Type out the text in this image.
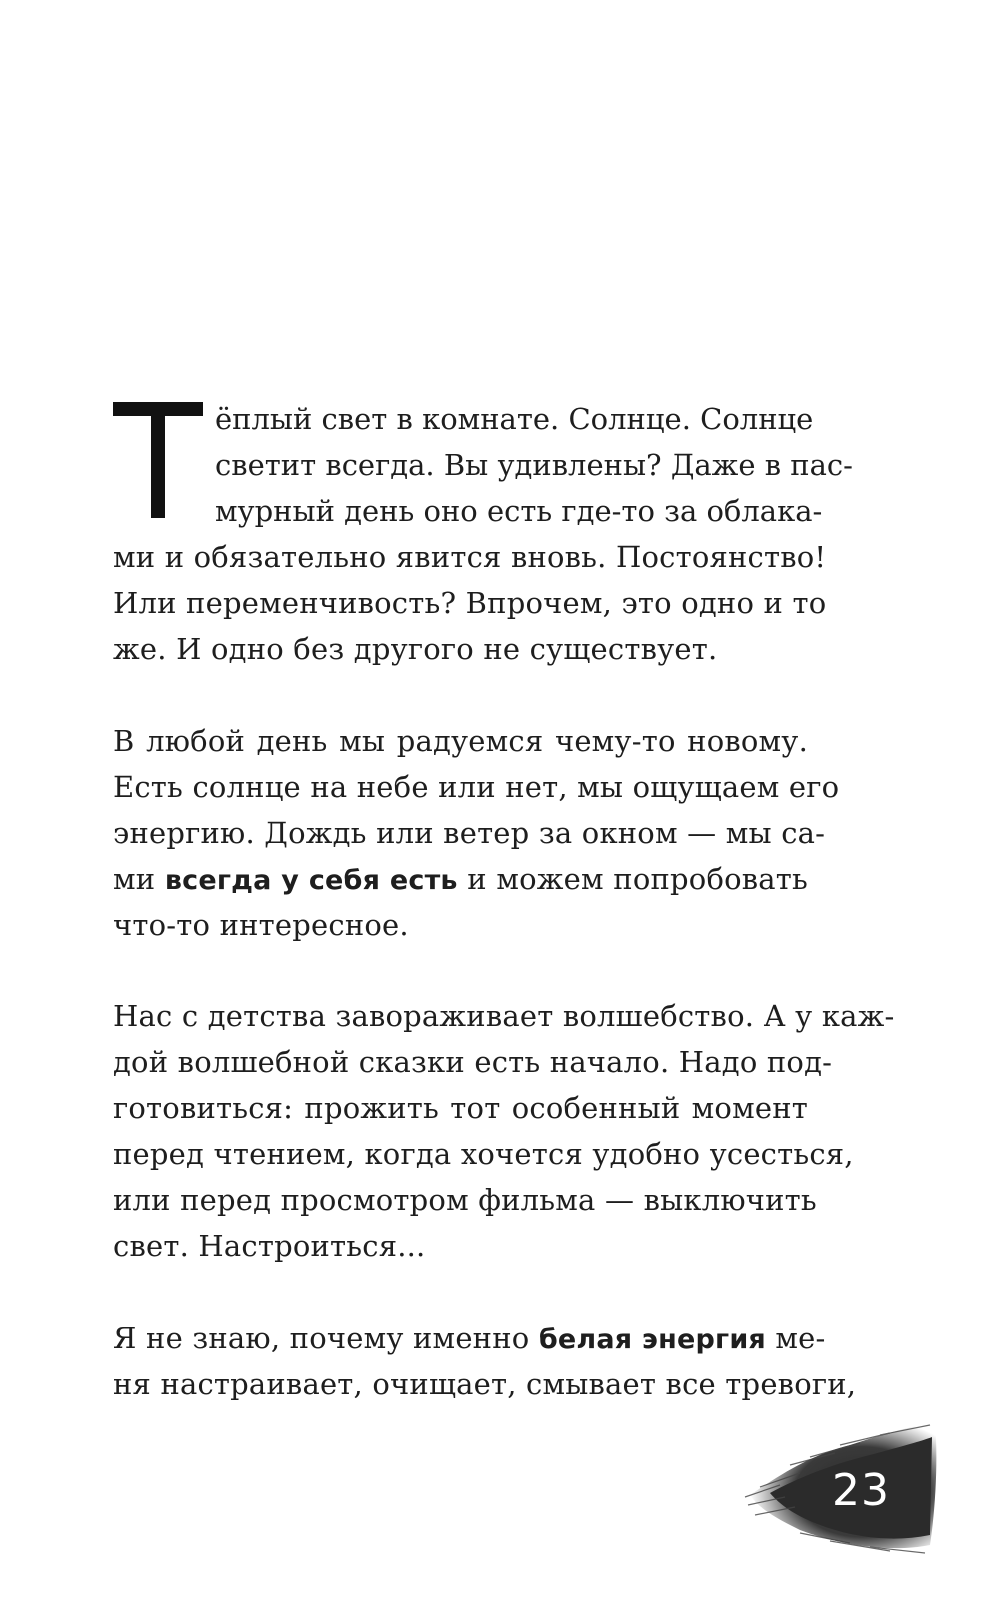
ёплый свет в комнате. Солнце. Солнце
светит всегда. Вы удивлены? Даже в пас-
мурный день оно есть где-то за облака-
ми и обязательно явится вновь. Постоянство!
Или переменчивость? Впрочем, это одно и то
же. И одно без другого не существует.
В любой день мы радуемся чему-то новому.
Есть солнце на небе или нет, мы ощущаем его
энергию. Дождь или ветер за окном — мы са-
ми всегда у себя есть и можем попробовать
что-то интересное.
Нас с детства завораживает волшебство. А у каж-
дой волшебной сказки есть начало. Надо под-
готовиться: прожить тот особенный момент
перед чтением, когда хочется удобно усесться,
или перед просмотром фильма — выключить
свет. Настроиться...
Я не знаю, почему именно белая энергия ме-
ня настраивает, очищает, смывает все тревоги,
23
